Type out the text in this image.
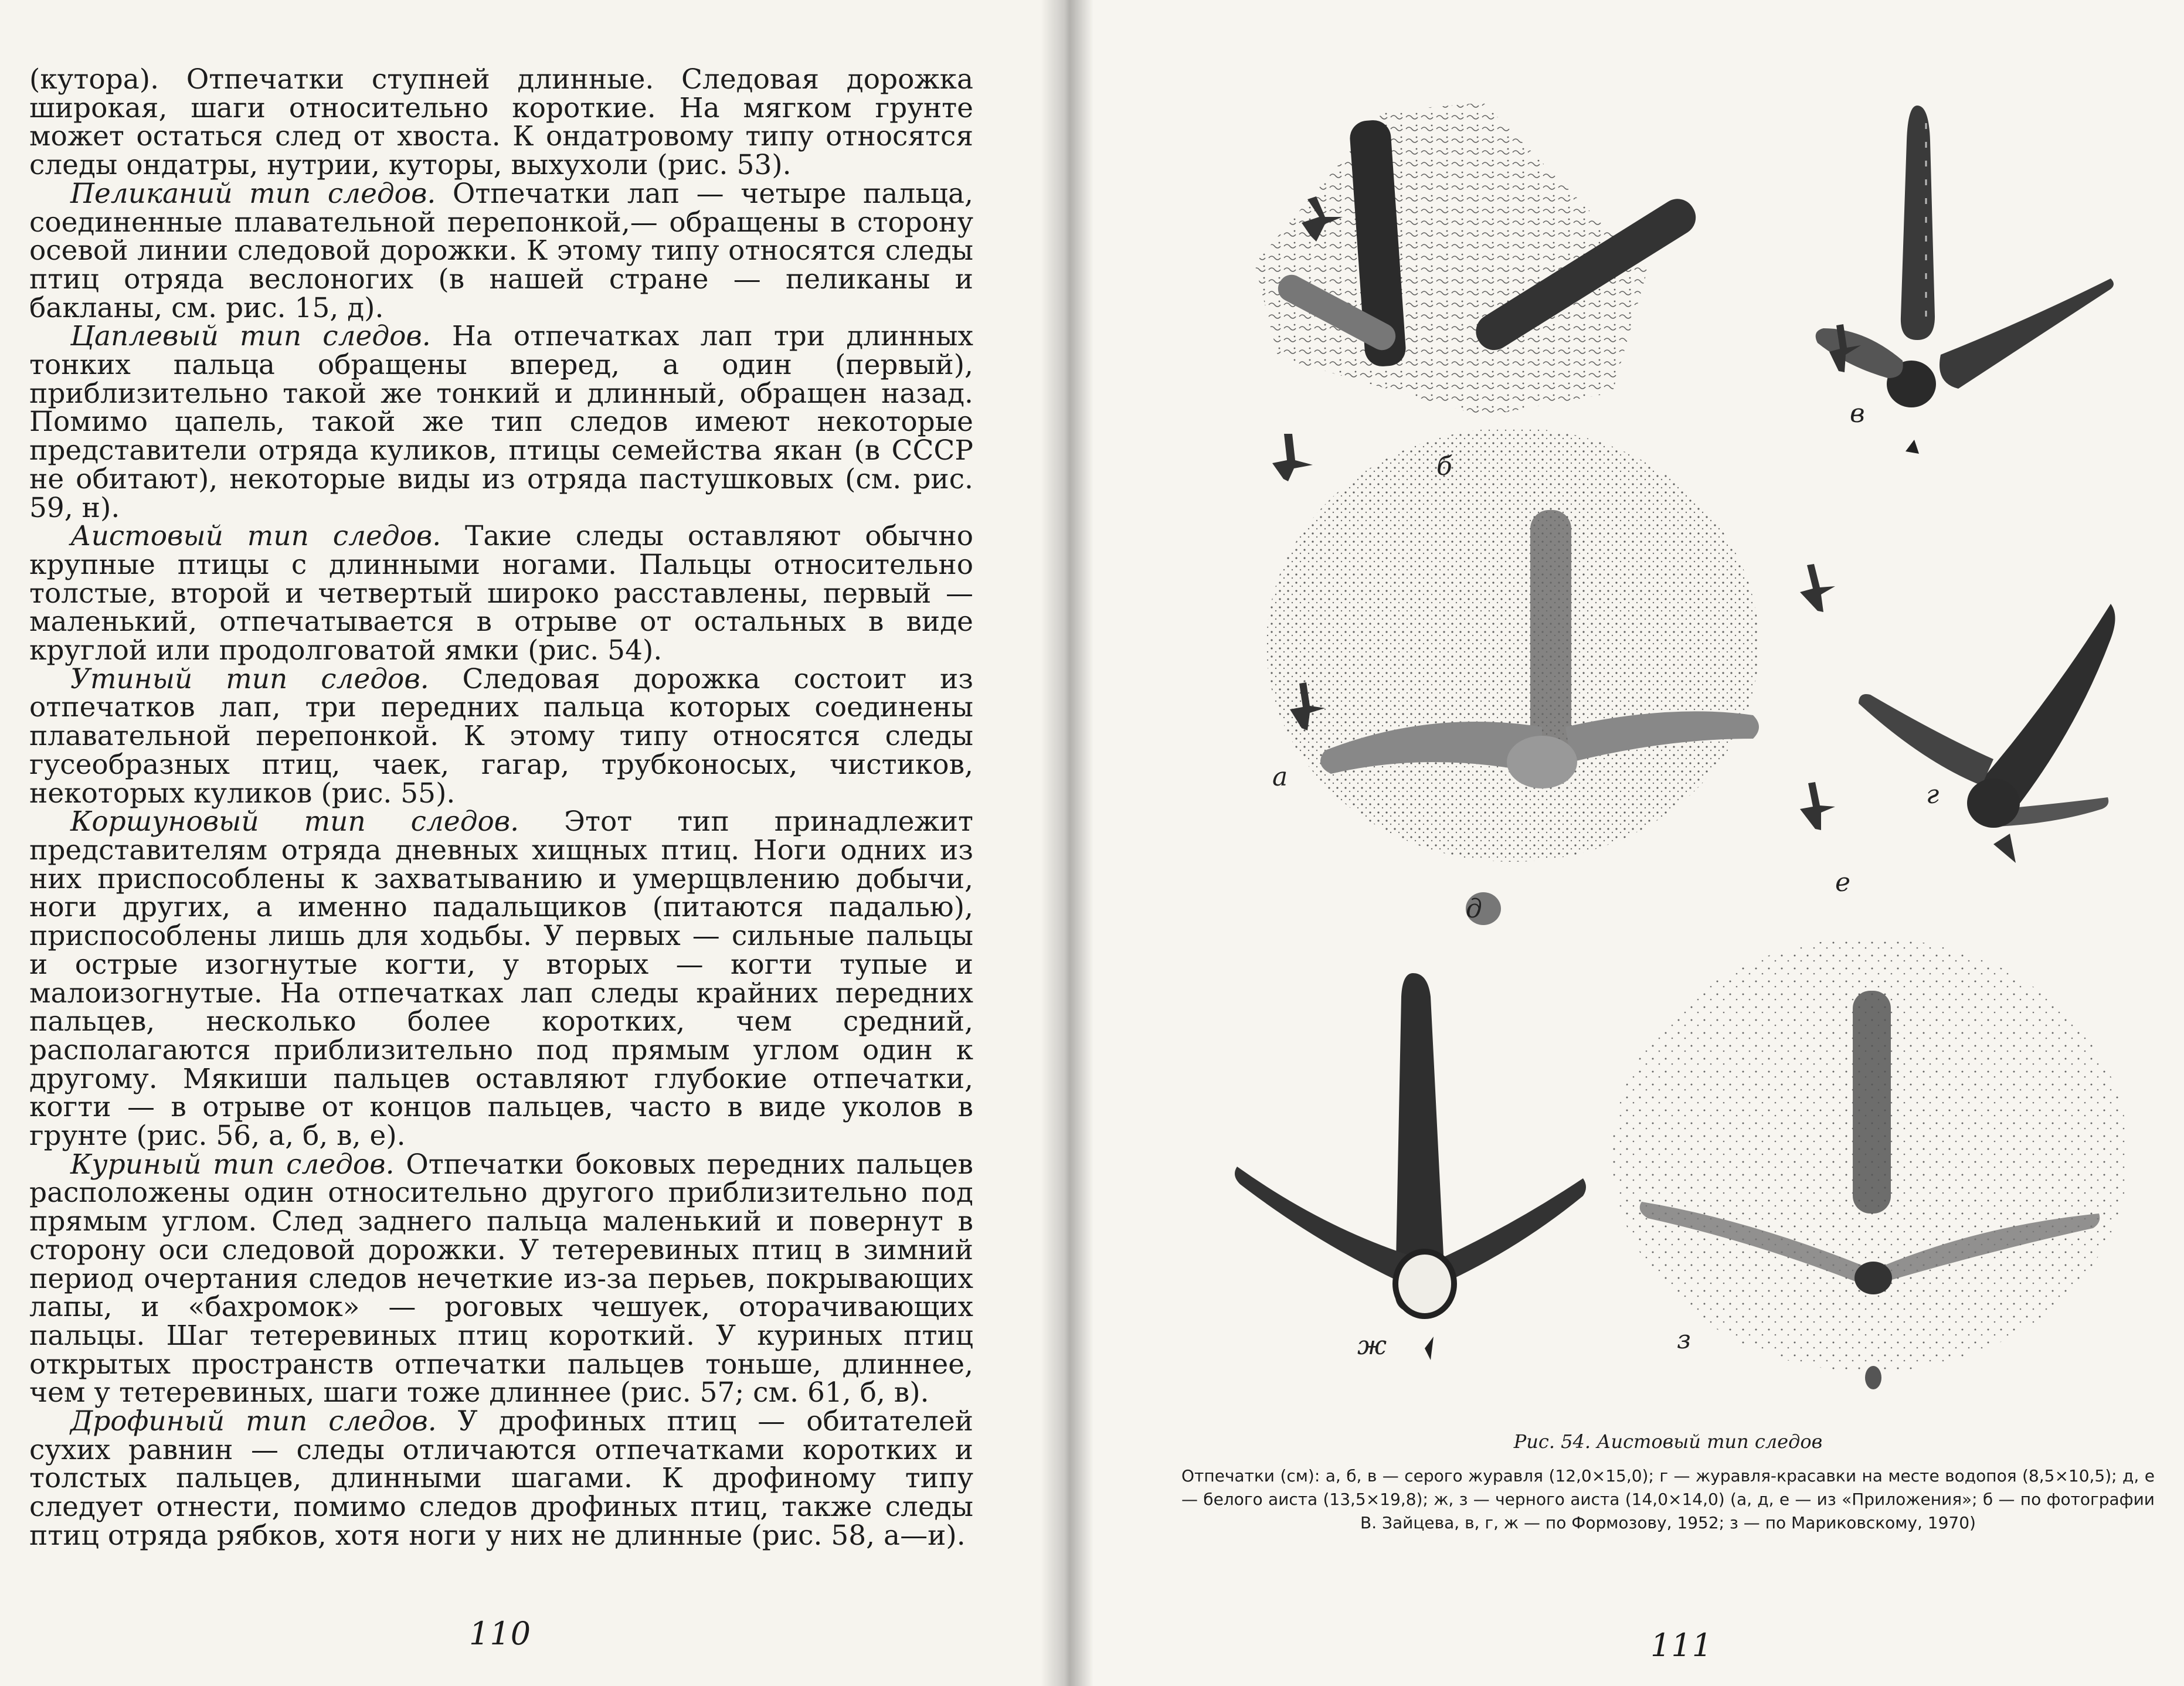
(кутора). Отпечатки ступней длинные. Следовая дорожка широкая, шаги относительно короткие. На мягком грунте может остаться след от хвоста. К ондатровому типу относятся следы ондатры, нутрии, куторы, выхухоли (рис. 53).

Пеликаний тип следов. Отпечатки лап — четыре пальца, соединенные плавательной перепонкой,— обращены в сторону осевой линии следовой дорожки. К этому типу относятся следы птиц отряда веслоногих (в нашей стране — пеликаны и бакланы, см. рис. 15, д).

Цаплевый тип следов. На отпечатках лап три длинных тонких пальца обращены вперед, а один (первый), приблизительно такой же тонкий и длинный, обращен назад. Помимо цапель, такой же тип следов имеют некоторые представители отряда куликов, птицы семейства якан (в СССР не обитают), некоторые виды из отряда пастушковых (см. рис. 59, н).

Аистовый тип следов. Такие следы оставляют обычно крупные птицы с длинными ногами. Пальцы относительно толстые, второй и четвертый широко расставлены, первый — маленький, отпечатывается в отрыве от остальных в виде круглой или продолговатой ямки (рис. 54).

Утиный тип следов. Следовая дорожка состоит из отпечатков лап, три передних пальца которых соединены плавательной перепонкой. К этому типу относятся следы гусеобразных птиц, чаек, гагар, трубконосых, чистиков, некоторых куликов (рис. 55).

Коршуновый тип следов. Этот тип принадлежит представителям отряда дневных хищных птиц. Ноги одних из них приспособлены к захватыванию и умерщвлению добычи, ноги других, а именно падальщиков (питаются падалью), приспособлены лишь для ходьбы. У первых — сильные пальцы и острые изогнутые когти, у вторых — когти тупые и малоизогнутые. На отпечатках лап следы крайних передних пальцев, несколько более коротких, чем средний, располагаются приблизительно под прямым углом один к другому. Мякиши пальцев оставляют глубокие отпечатки, когти — в отрыве от концов пальцев, часто в виде уколов в грунте (рис. 56, а, б, в, е).

Куриный тип следов. Отпечатки боковых передних пальцев расположены один относительно другого приблизительно под прямым углом. След заднего пальца маленький и повернут в сторону оси следовой дорожки. У тетеревиных птиц в зимний период очертания следов нечеткие из-за перьев, покрывающих лапы, и «бахромок» — роговых чешуек, оторачивающих пальцы. Шаг тетеревиных птиц короткий. У куриных птиц открытых пространств отпечатки пальцев тоньше, длиннее, чем у тетеревиных, шаги тоже длиннее (рис. 57; см. 61, б, в).

Дрофиный тип следов. У дрофиных птиц — обитателей сухих равнин — следы отличаются отпечатками коротких и толстых пальцев, длинными шагами. К дрофиному типу следует отнести, помимо следов дрофиных птиц, также следы птиц отряда рябков, хотя ноги у них не длинные (рис. 58, а—и).

110
б
в
а
г
д
е
ж	з
Рис. 54. Аистовый тип следов
Отпечатки (см): а, б, в — серого журавля (12,0×15,0); г — журавля-красавки на месте водопоя (8,5×10,5); д, е — белого аиста (13,5×19,8); ж, з — черного аиста (14,0×14,0) (а, д, е — из «Приложения»; б — по фотографии В. Зайцева, в, г, ж — по Формозову, 1952; з — по Мариковскому, 1970)
111
